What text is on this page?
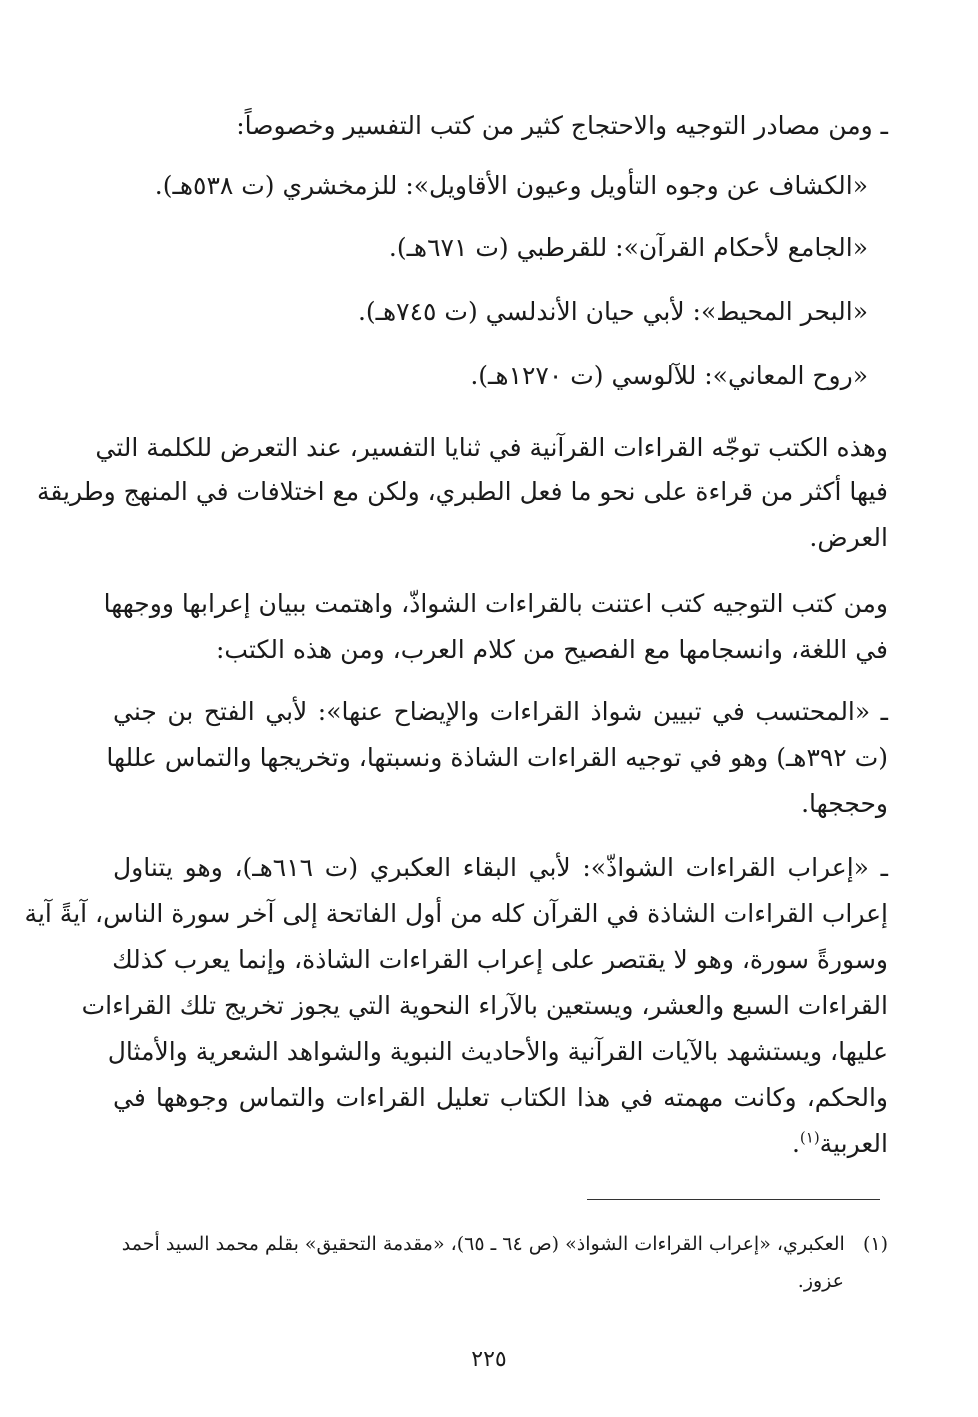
ـ ومن مصادر التوجيه والاحتجاج كثير من كتب التفسير وخصوصاً:
«الكشاف عن وجوه التأويل وعيون الأقاويل»: للزمخشري (ت ٥٣٨هـ).
«الجامع لأحكام القرآن»: للقرطبي (ت ٦٧١هـ).
«البحر المحيط»: لأبي حيان الأندلسي (ت ٧٤٥هـ).
«روح المعاني»: للآلوسي (ت ١٢٧٠هـ).
وهذه الكتب توجّه القراءات القرآنية في ثنايا التفسير، عند التعرض للكلمة التي
فيها أكثر من قراءة على نحو ما فعل الطبري، ولكن مع اختلافات في المنهج وطريقة
العرض.
ومن كتب التوجيه كتب اعتنت بالقراءات الشواذّ، واهتمت ببيان إعرابها ووجهها
في اللغة، وانسجامها مع الفصيح من كلام العرب، ومن هذه الكتب:
ـ «المحتسب في تبيين شواذ القراءات والإيضاح عنها»: لأبي الفتح بن جني
(ت ٣٩٢هـ) وهو في توجيه القراءات الشاذة ونسبتها، وتخريجها والتماس عللها
وحججها.
ـ «إعراب القراءات الشواذّ»: لأبي البقاء العكبري (ت ٦١٦هـ)، وهو يتناول
إعراب القراءات الشاذة في القرآن كله من أول الفاتحة إلى آخر سورة الناس، آيةً آية
وسورةً سورة، وهو لا يقتصر على إعراب القراءات الشاذة، وإنما يعرب كذلك
القراءات السبع والعشر، ويستعين بالآراء النحوية التي يجوز تخريج تلك القراءات
عليها، ويستشهد بالآيات القرآنية والأحاديث النبوية والشواهد الشعرية والأمثال
والحكم، وكانت مهمته في هذا الكتاب تعليل القراءات والتماس وجوهها في
العربية$^{(١)}$.
(١)   العكبري، «إعراب القراءات الشواذ» (ص ٦٤ ـ ٦٥)، «مقدمة التحقيق» بقلم محمد السيد أحمد
عزوز.
٢٢٥
